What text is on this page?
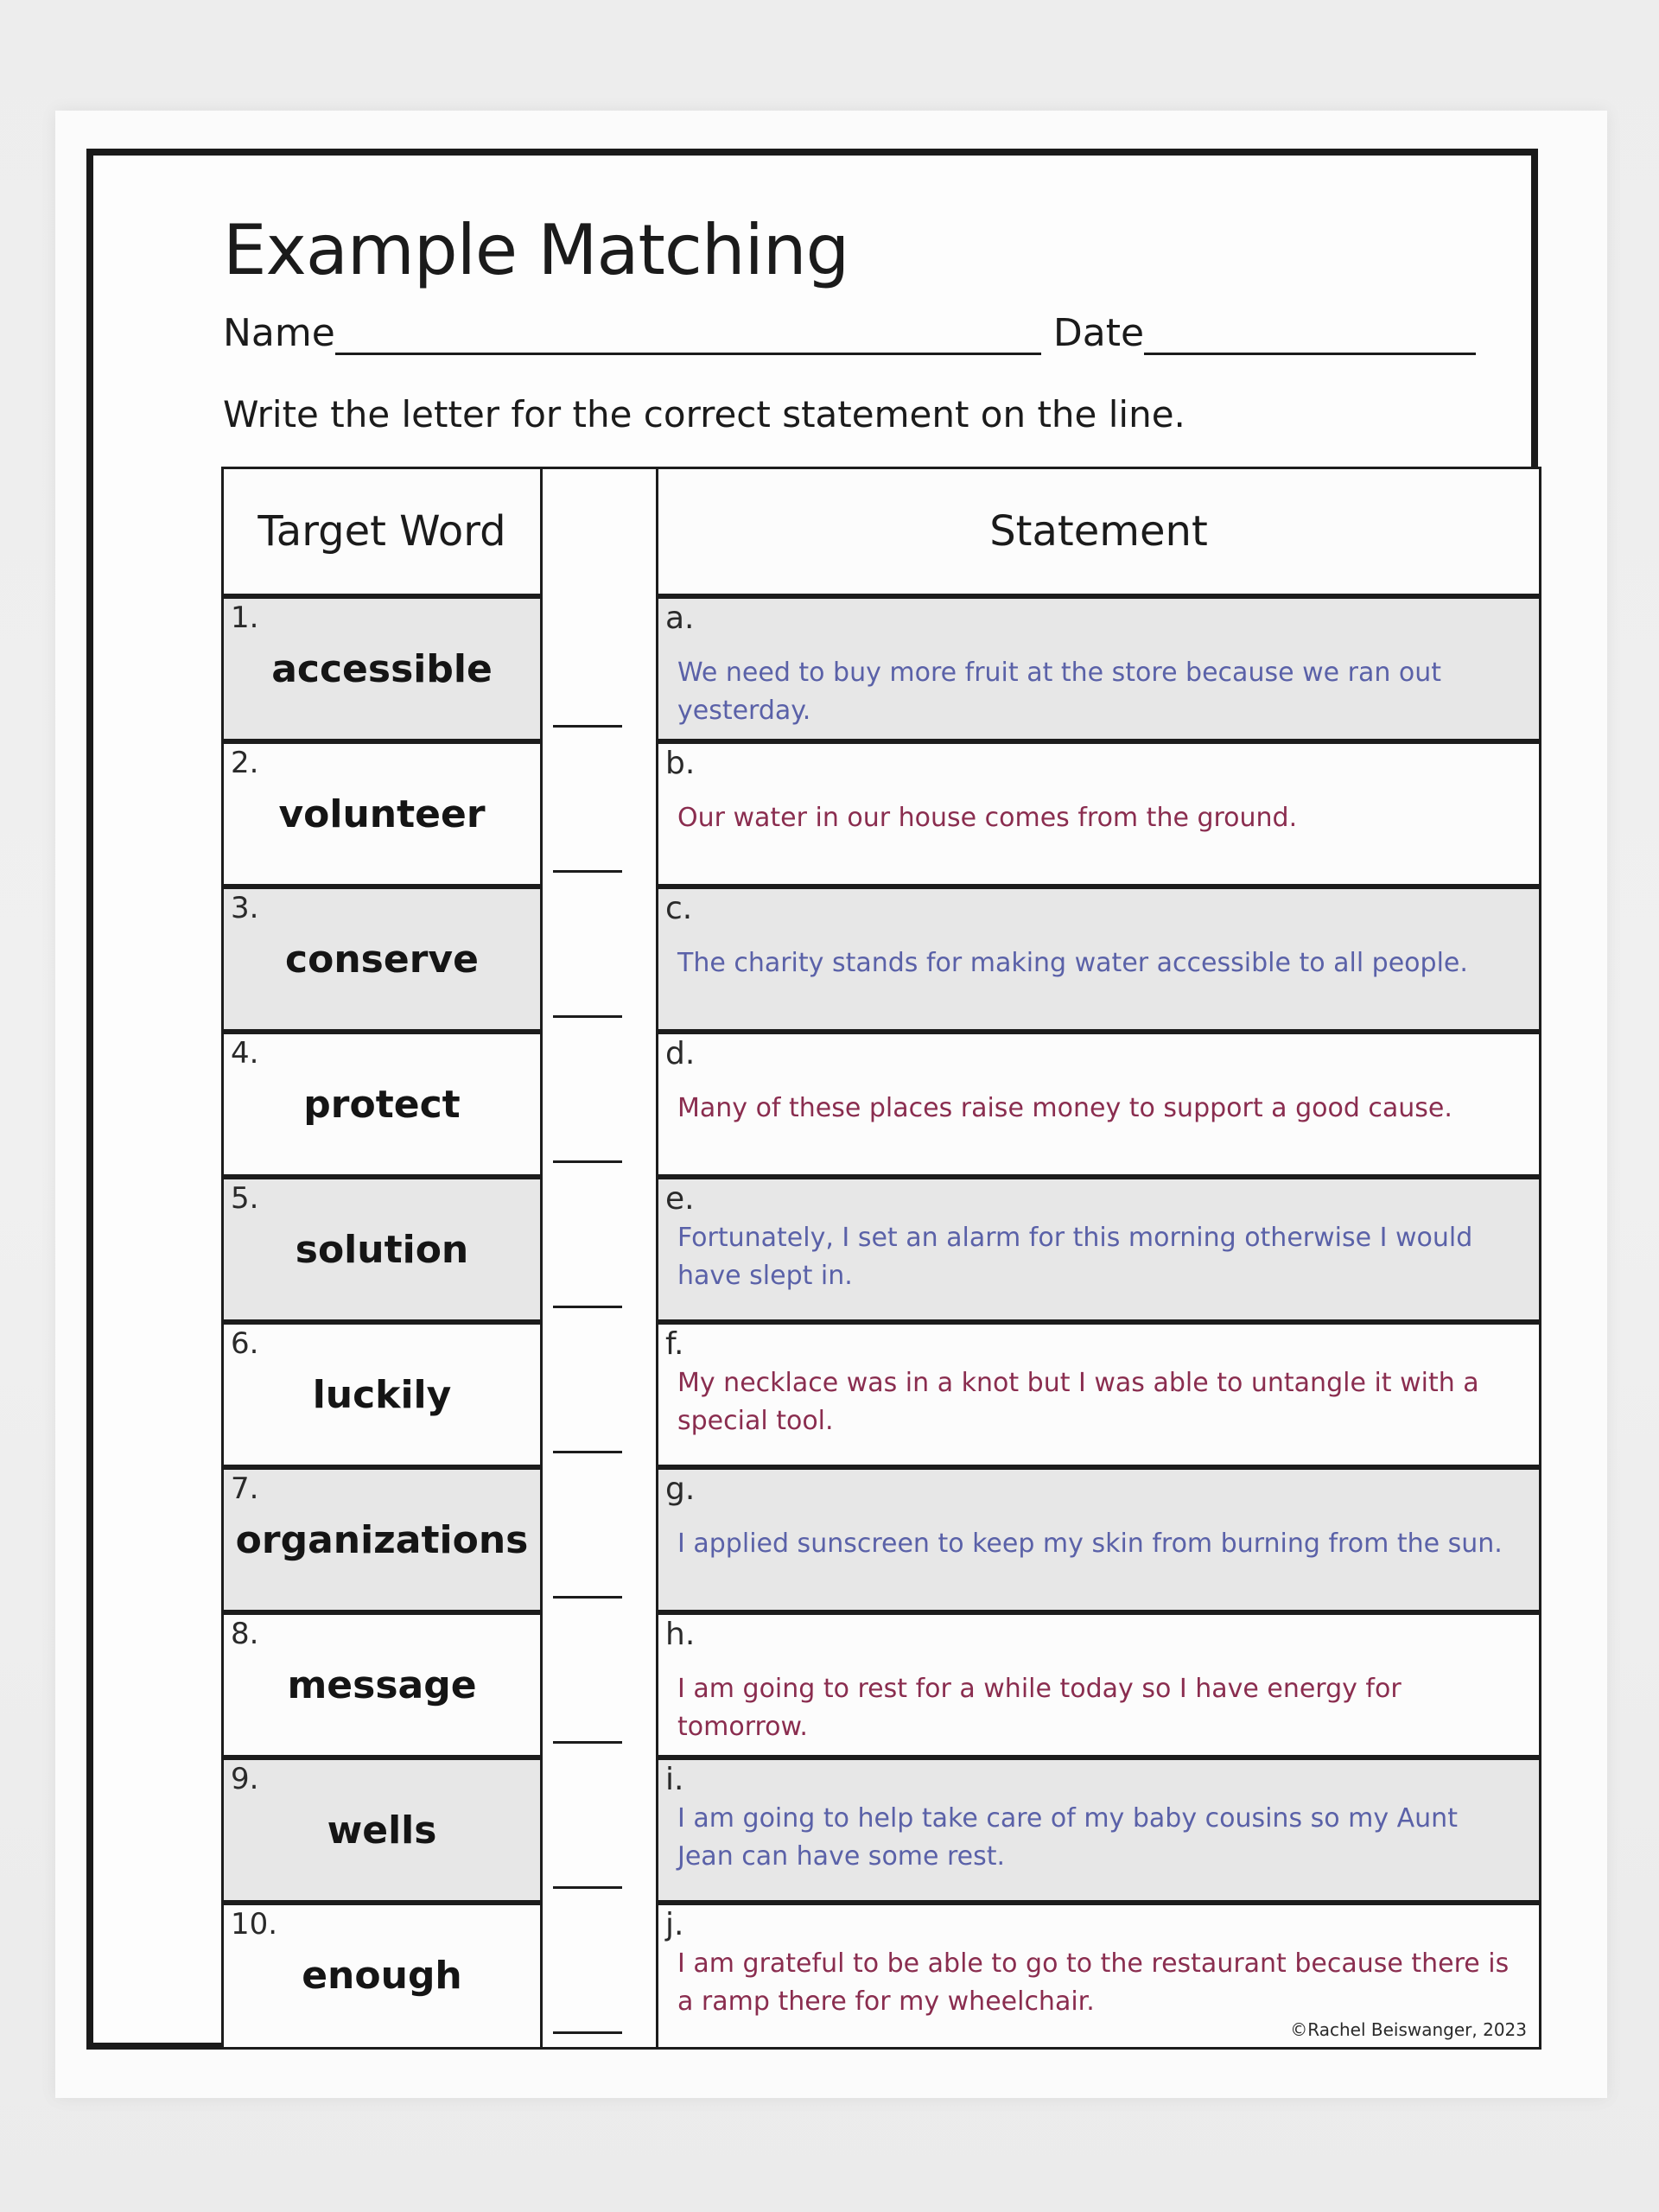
Example Matching
Name	Date
Write the letter for the correct statement on the line.
Target Word	Statement
1.
accessible
2.
volunteer
3.
conserve
4.
protect
5.
solution
6.
luckily
7.
organizations
8.
message
9.
wells
10.
enough
a.
We need to buy more fruit at the store because we ran out yesterday.
b.
Our water in our house comes from the ground.
c.
The charity stands for making water accessible to all people.
d.
Many of these places raise money to support a good cause.
e.
Fortunately, I set an alarm for this morning otherwise I would have slept in.
f.
My necklace was in a knot but I was able to untangle it with a special tool.
g.
I applied sunscreen to keep my skin from burning from the sun.
h.
I am going to rest for a while today so I have energy for tomorrow.
i.
I am going to help take care of my baby cousins so my Aunt Jean can have some rest.
j.
I am grateful to be able to go to the restaurant because there is a ramp there for my wheelchair.
©Rachel Beiswanger, 2023
